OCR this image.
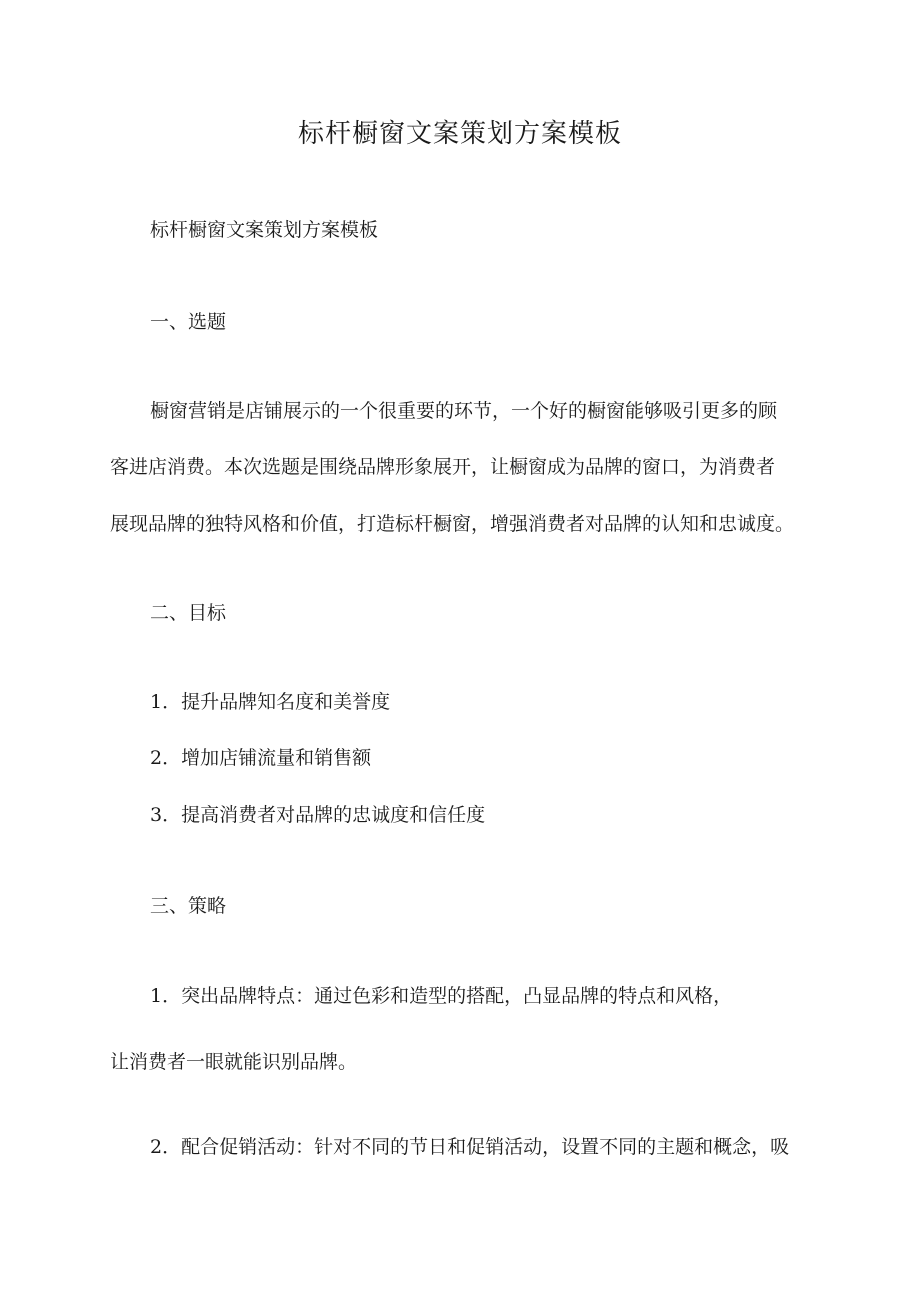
标杆橱窗文案策划方案模板
标杆橱窗文案策划方案模板
一、选题
橱窗营销是店铺展示的一个很重要的环节，一个好的橱窗能够吸引更多的顾
客进店消费。本次选题是围绕品牌形象展开，让橱窗成为品牌的窗口，为消费者
展现品牌的独特风格和价值，打造标杆橱窗，增强消费者对品牌的认知和忠诚度。
二、目标
1．提升品牌知名度和美誉度
2．增加店铺流量和销售额
3．提高消费者对品牌的忠诚度和信任度
三、策略
1．突出品牌特点：通过色彩和造型的搭配，凸显品牌的特点和风格，
让消费者一眼就能识别品牌。
2．配合促销活动：针对不同的节日和促销活动，设置不同的主题和概念，吸
